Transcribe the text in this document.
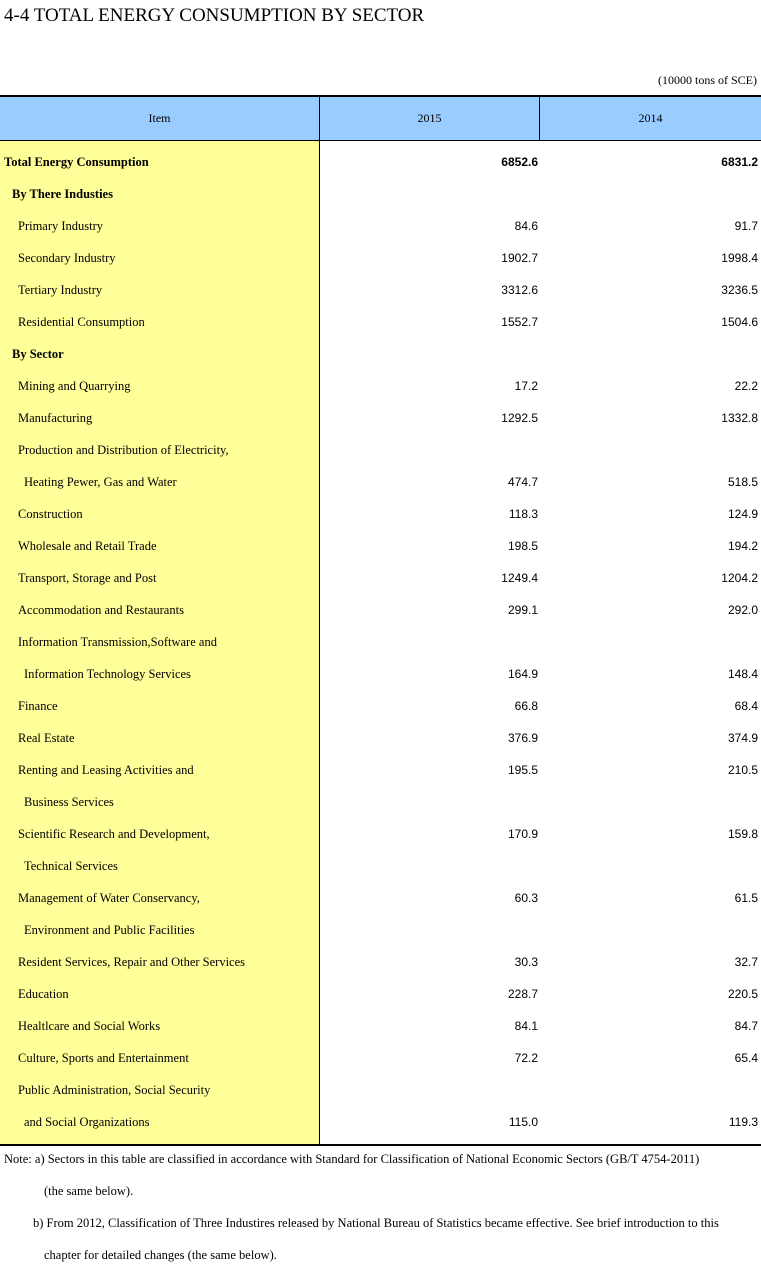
4-4 TOTAL ENERGY CONSUMPTION BY SECTOR
(10000 tons of SCE)
Item	2015	2014
Total Energy Consumption	6852.6	6831.2
By There Industies
Primary Industry	84.6	91.7
Secondary Industry	1902.7	1998.4
Tertiary Industry	3312.6	3236.5
Residential Consumption	1552.7	1504.6
By Sector
Mining and Quarrying	17.2	22.2
Manufacturing	1292.5	1332.8
Production and Distribution of Electricity,
Heating Pewer, Gas and Water	474.7	518.5
Construction	118.3	124.9
Wholesale and Retail Trade	198.5	194.2
Transport, Storage and Post	1249.4	1204.2
Accommodation and Restaurants	299.1	292.0
Information Transmission,Software and
Information Technology Services	164.9	148.4
Finance	66.8	68.4
Real Estate	376.9	374.9
Renting and Leasing Activities and	195.5	210.5
Business Services
Scientific Research and Development,	170.9	159.8
Technical Services
Management of Water Conservancy,	60.3	61.5
Environment and Public Facilities
Resident Services, Repair and Other Services	30.3	32.7
Education	228.7	220.5
Healtlcare and Social Works	84.1	84.7
Culture, Sports and Entertainment	72.2	65.4
Public Administration, Social Security
and Social Organizations	115.0	119.3
Note: a) Sectors in this table are classified in accordance with Standard for Classification of National Economic Sectors (GB/T 4754-2011)
(the same below).
b) From 2012, Classification of Three Industires released by National Bureau of Statistics became effective. See brief introduction to this
chapter for detailed changes (the same below).
